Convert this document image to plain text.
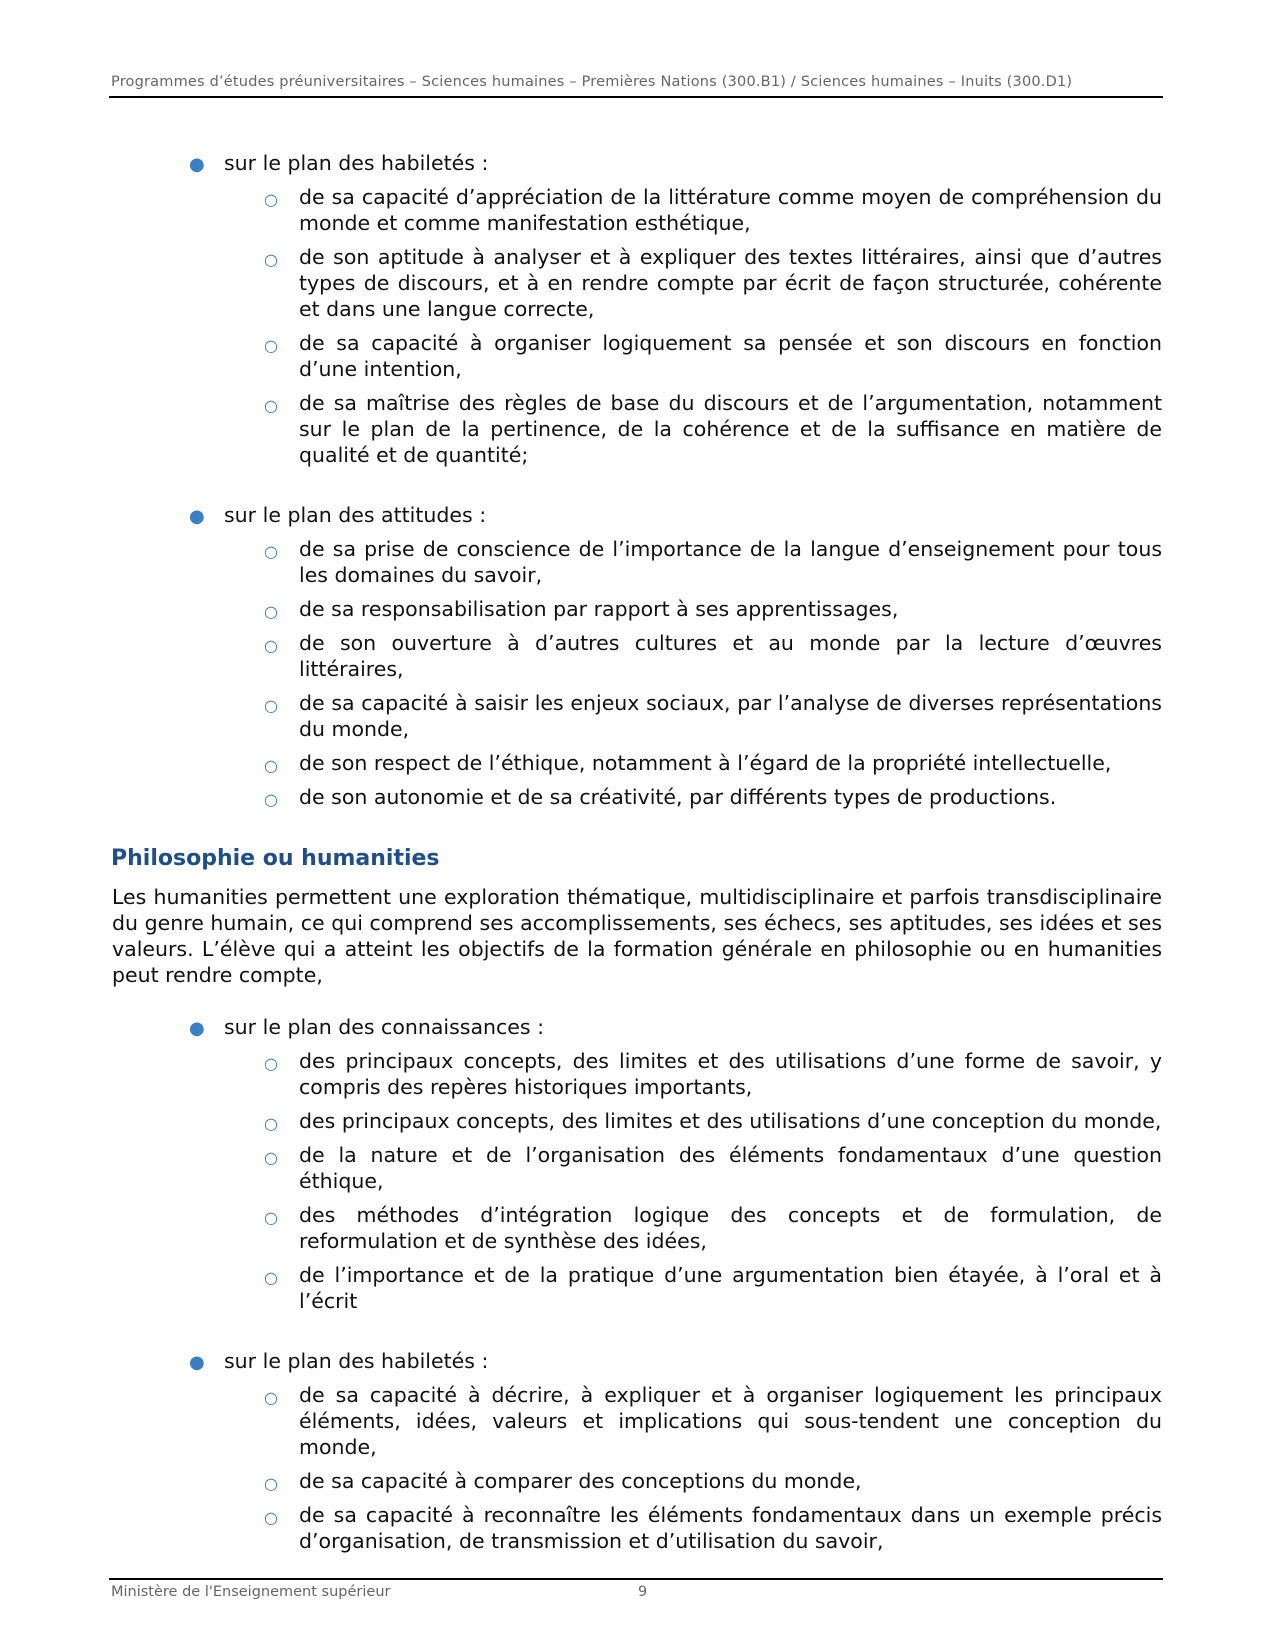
Programmes d’études préuniversitaires – Sciences humaines – Premières Nations (300.B1) / Sciences humaines – Inuits (300.D1)
● sur le plan des habiletés :
○ de sa capacité d’appréciation de la littérature comme moyen de compréhension du monde et comme manifestation esthétique,
○ de son aptitude à analyser et à expliquer des textes littéraires, ainsi que d’autres types de discours, et à en rendre compte par écrit de façon structurée, cohérente et dans une langue correcte,
○ de sa capacité à organiser logiquement sa pensée et son discours en fonction d’une intention,
○ de sa maîtrise des règles de base du discours et de l’argumentation, notamment sur le plan de la pertinence, de la cohérence et de la suffisance en matière de qualité et de quantité;
● sur le plan des attitudes :
○ de sa prise de conscience de l’importance de la langue d’enseignement pour tous les domaines du savoir,
○ de sa responsabilisation par rapport à ses apprentissages,
○ de son ouverture à d’autres cultures et au monde par la lecture d’œuvres littéraires,
○ de sa capacité à saisir les enjeux sociaux, par l’analyse de diverses représentations du monde,
○ de son respect de l’éthique, notamment à l’égard de la propriété intellectuelle,
○ de son autonomie et de sa créativité, par différents types de productions.
Philosophie ou humanities

Les humanities permettent une exploration thématique, multidisciplinaire et parfois transdisciplinaire du genre humain, ce qui comprend ses accomplissements, ses échecs, ses aptitudes, ses idées et ses valeurs. L’élève qui a atteint les objectifs de la formation générale en philosophie ou en humanities peut rendre compte,

● sur le plan des connaissances :
○ des principaux concepts, des limites et des utilisations d’une forme de savoir, y compris des repères historiques importants,
○ des principaux concepts, des limites et des utilisations d’une conception du monde,
○ de la nature et de l’organisation des éléments fondamentaux d’une question éthique,
○ des méthodes d’intégration logique des concepts et de formulation, de reformulation et de synthèse des idées,
○ de l’importance et de la pratique d’une argumentation bien étayée, à l’oral et à l’écrit
● sur le plan des habiletés :
○ de sa capacité à décrire, à expliquer et à organiser logiquement les principaux éléments, idées, valeurs et implications qui sous-tendent une conception du monde,
○ de sa capacité à comparer des conceptions du monde,
○ de sa capacité à reconnaître les éléments fondamentaux dans un exemple précis d’organisation, de transmission et d’utilisation du savoir,
Ministère de l'Enseignement supérieur	9
